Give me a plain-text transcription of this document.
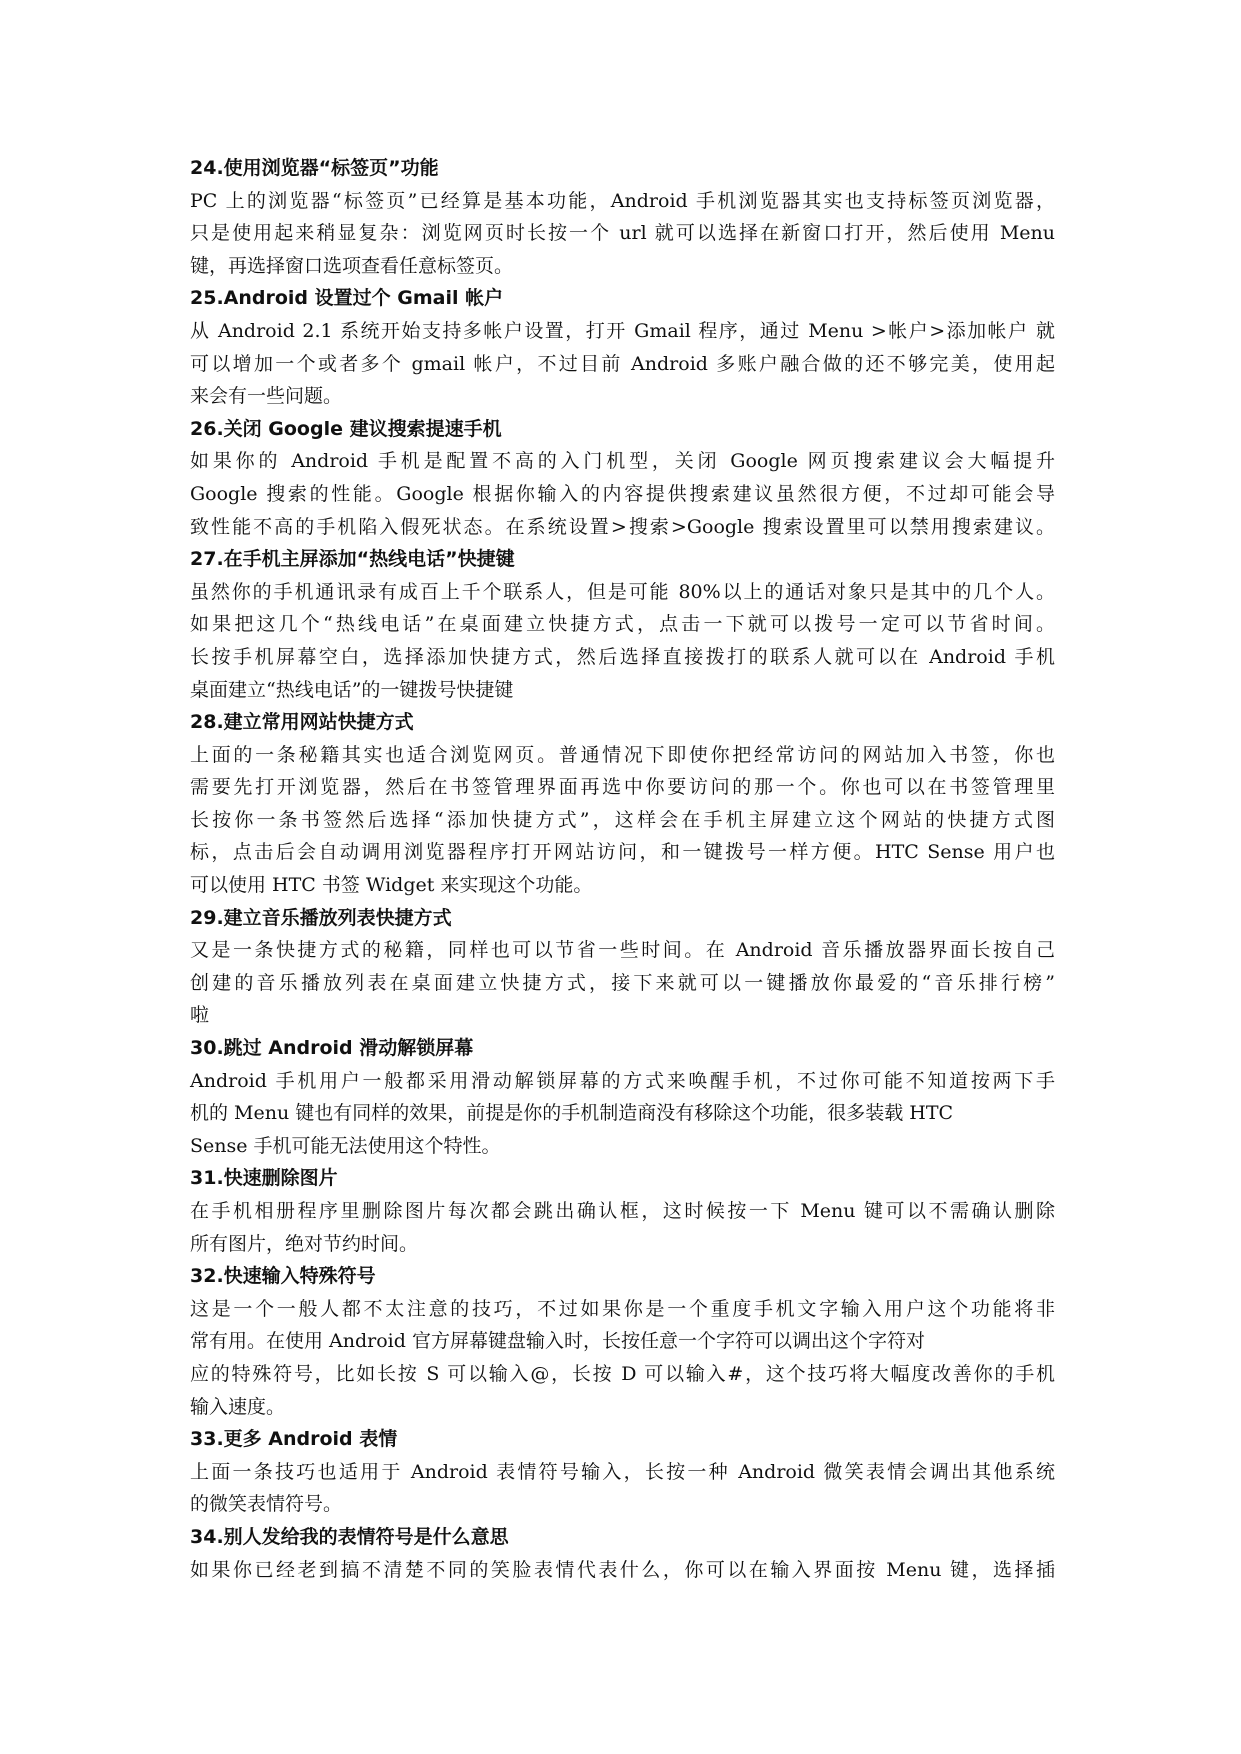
24.使用浏览器“标签页”功能
PC 上的浏览器“标签页”已经算是基本功能，Android 手机浏览器其实也支持标签页浏览器，
只是使用起来稍显复杂：浏览网页时长按一个 url 就可以选择在新窗口打开，然后使用 Menu
键，再选择窗口选项查看任意标签页。
25.Android 设置过个 Gmail 帐户
从 Android 2.1 系统开始支持多帐户设置，打开 Gmail 程序，通过 Menu >帐户>添加帐户 就
可以增加一个或者多个 gmail 帐户，不过目前 Android 多账户融合做的还不够完美，使用起
来会有一些问题。
26.关闭 Google 建议搜索提速手机
如果你的 Android 手机是配置不高的入门机型，关闭 Google 网页搜索建议会大幅提升
Google 搜索的性能。Google 根据你输入的内容提供搜索建议虽然很方便，不过却可能会导
致性能不高的手机陷入假死状态。在系统设置>搜索>Google 搜索设置里可以禁用搜索建议。
27.在手机主屏添加“热线电话”快捷键
虽然你的手机通讯录有成百上千个联系人，但是可能 80%以上的通话对象只是其中的几个人。
如果把这几个“热线电话”在桌面建立快捷方式，点击一下就可以拨号一定可以节省时间。
长按手机屏幕空白，选择添加快捷方式，然后选择直接拨打的联系人就可以在 Android 手机
桌面建立“热线电话”的一键拨号快捷键
28.建立常用网站快捷方式
上面的一条秘籍其实也适合浏览网页。普通情况下即使你把经常访问的网站加入书签，你也
需要先打开浏览器，然后在书签管理界面再选中你要访问的那一个。你也可以在书签管理里
长按你一条书签然后选择“添加快捷方式”，这样会在手机主屏建立这个网站的快捷方式图
标，点击后会自动调用浏览器程序打开网站访问，和一键拨号一样方便。HTC Sense 用户也
可以使用 HTC 书签 Widget 来实现这个功能。
29.建立音乐播放列表快捷方式
又是一条快捷方式的秘籍，同样也可以节省一些时间。在 Android 音乐播放器界面长按自己
创建的音乐播放列表在桌面建立快捷方式，接下来就可以一键播放你最爱的“音乐排行榜”
啦
30.跳过 Android 滑动解锁屏幕
Android 手机用户一般都采用滑动解锁屏幕的方式来唤醒手机，不过你可能不知道按两下手
机的 Menu 键也有同样的效果，前提是你的手机制造商没有移除这个功能，很多装载 HTC
Sense 手机可能无法使用这个特性。
31.快速删除图片
在手机相册程序里删除图片每次都会跳出确认框，这时候按一下 Menu 键可以不需确认删除
所有图片，绝对节约时间。
32.快速输入特殊符号
这是一个一般人都不太注意的技巧，不过如果你是一个重度手机文字输入用户这个功能将非
常有用。在使用 Android 官方屏幕键盘输入时，长按任意一个字符可以调出这个字符对
应的特殊符号，比如长按 S 可以输入@，长按 D 可以输入#，这个技巧将大幅度改善你的手机
输入速度。
33.更多 Android 表情
上面一条技巧也适用于 Android 表情符号输入，长按一种 Android 微笑表情会调出其他系统
的微笑表情符号。
34.别人发给我的表情符号是什么意思
如果你已经老到搞不清楚不同的笑脸表情代表什么，你可以在输入界面按 Menu 键，选择插
